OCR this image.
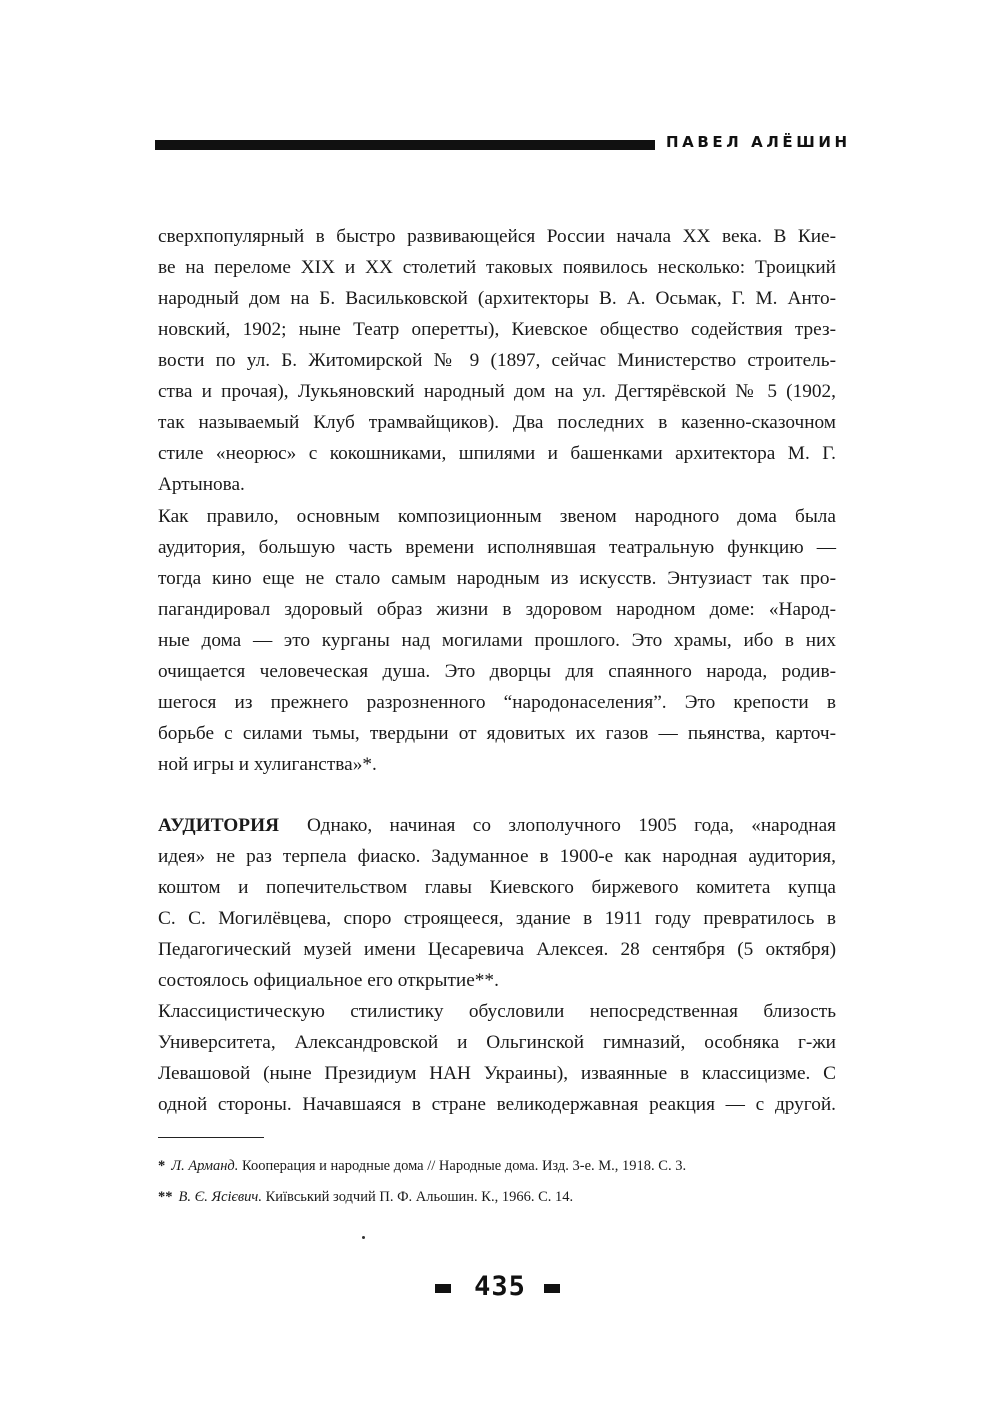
ПАВЕЛ АЛЁШИН
сверхпопулярный в быстро развивающейся России начала XX века. В Кие-
ве на переломе XIX и XX столетий таковых появилось несколько: Троицкий
народный дом на Б. Васильковской (архитекторы В. А. Осьмак, Г. М. Анто-
новский, 1902; ныне Театр оперетты), Киевское общество содействия трез-
вости по ул. Б. Житомирской № 9 (1897, сейчас Министерство строитель-
ства и прочая), Лукьяновский народный дом на ул. Дегтярёвской № 5 (1902,
так называемый Клуб трамвайщиков). Два последних в казенно-сказочном
стиле «неорюс» с кокошниками, шпилями и башенками архитектора М. Г.
Артынова.
Как правило, основным композиционным звеном народного дома была
аудитория, большую часть времени исполнявшая театральную функцию —
тогда кино еще не стало самым народным из искусств. Энтузиаст так про-
пагандировал здоровый образ жизни в здоровом народном доме: «Народ-
ные дома — это курганы над могилами прошлого. Это храмы, ибо в них
очищается человеческая душа. Это дворцы для спаянного народа, родив-
шегося из прежнего разрозненного “народонаселения”. Это крепости в
борьбе с силами тьмы, твердыни от ядовитых их газов — пьянства, карточ-
ной игры и хулиганства»*.
АУДИТОРИЯ Однако, начиная со злополучного 1905 года, «народная
идея» не раз терпела фиаско. Задуманное в 1900-е как народная аудитория,
коштом и попечительством главы Киевского биржевого комитета купца
С. С. Могилёвцева, споро строящееся, здание в 1911 году превратилось в
Педагогический музей имени Цесаревича Алексея. 28 сентября (5 октября)
состоялось официальное его открытие**.
Классицистическую стилистику обусловили непосредственная близость
Университета, Александровской и Ольгинской гимназий, особняка г-жи
Левашовой (ныне Президиум НАН Украины), изваянные в классицизме. С
одной стороны. Начавшаяся в стране великодержавная реакция — с другой.
* Л. Арманд. Кооперация и народные дома // Народные дома. Изд. 3-е. М., 1918. С. 3.
** В. Є. Ясієвич. Київський зодчий П. Ф. Альошин. К., 1966. С. 14.
435
